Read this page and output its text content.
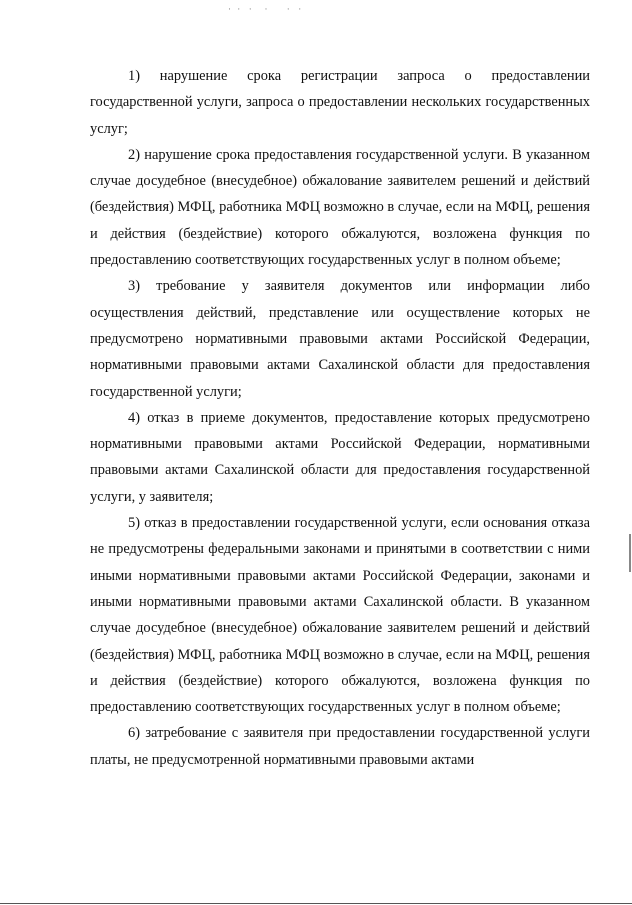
· · ·  ·   · ·

1) нарушение срока регистрации запроса о предоставлении государственной услуги, запроса о предоставлении нескольких государственных услуг;

2) нарушение срока предоставления государственной услуги. В указанном случае досудебное (внесудебное) обжалование заявителем решений и действий (бездействия) МФЦ, работника МФЦ возможно в случае, если на МФЦ, решения и действия (бездействие) которого обжалуются, возложена функция по предоставлению соответствующих государственных услуг в полном объеме;

3) требование у заявителя документов или информации либо осуществления действий, представление или осуществление которых не предусмотрено нормативными правовыми актами Российской Федерации, нормативными правовыми актами Сахалинской области для предоставления государственной услуги;

4) отказ в приеме документов, предоставление которых предусмотрено нормативными правовыми актами Российской Федерации, нормативными правовыми актами Сахалинской области для предоставления государственной услуги, у заявителя;

5) отказ в предоставлении государственной услуги, если основания отказа не предусмотрены федеральными законами и принятыми в соответствии с ними иными нормативными правовыми актами Российской Федерации, законами и иными нормативными правовыми актами Сахалинской области. В указанном случае досудебное (внесудебное) обжалование заявителем решений и действий (бездействия) МФЦ, работника МФЦ возможно в случае, если на МФЦ, решения и действия (бездействие) которого обжалуются, возложена функция по предоставлению соответствующих государственных услуг в полном объеме;

6) затребование с заявителя при предоставлении государственной услуги платы, не предусмотренной нормативными правовыми актами
